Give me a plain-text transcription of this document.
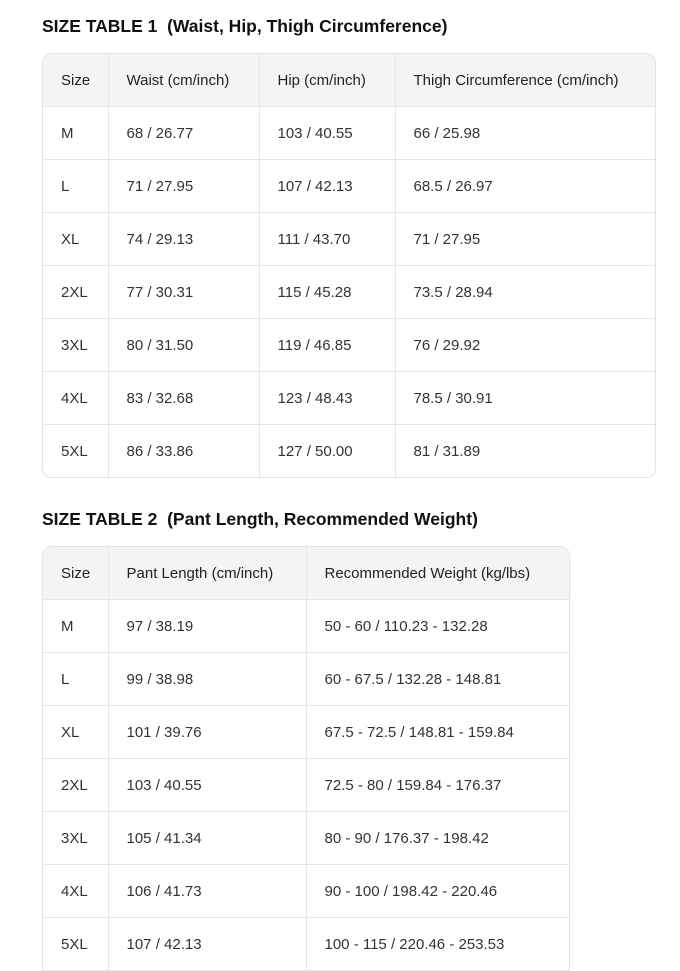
SIZE TABLE 1  (Waist, Hip, Thigh Circumference)
Size	Waist (cm/inch)	Hip (cm/inch)	Thigh Circumference (cm/inch)
M	68 / 26.77	103 / 40.55	66 / 25.98
L	71 / 27.95	107 / 42.13	68.5 / 26.97
XL	74 / 29.13	111 / 43.70	71 / 27.95
2XL	77 / 30.31	115 / 45.28	73.5 / 28.94
3XL	80 / 31.50	119 / 46.85	76 / 29.92
4XL	83 / 32.68	123 / 48.43	78.5 / 30.91
5XL	86 / 33.86	127 / 50.00	81 / 31.89
SIZE TABLE 2  (Pant Length, Recommended Weight)
Size	Pant Length (cm/inch)	Recommended Weight (kg/lbs)
M	97 / 38.19	50 - 60 / 110.23 - 132.28
L	99 / 38.98	60 - 67.5 / 132.28 - 148.81
XL	101 / 39.76	67.5 - 72.5 / 148.81 - 159.84
2XL	103 / 40.55	72.5 - 80 / 159.84 - 176.37
3XL	105 / 41.34	80 - 90 / 176.37 - 198.42
4XL	106 / 41.73	90 - 100 / 198.42 - 220.46
5XL	107 / 42.13	100 - 115 / 220.46 - 253.53
